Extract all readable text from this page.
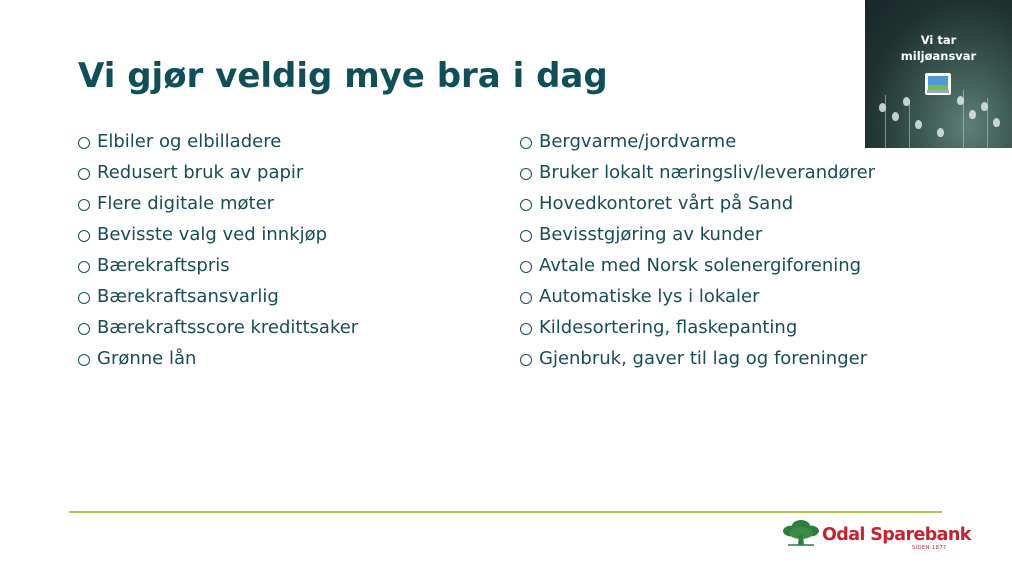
Vi gjør veldig mye bra i dag
Elbiler og elbilladere
Redusert bruk av papir
Flere digitale møter
Bevisste valg ved innkjøp
Bærekraftspris
Bærekraftsansvarlig
Bærekraftsscore kredittsaker
Grønne lån
Bergvarme/jordvarme
Bruker lokalt næringsliv/leverandører
Hovedkontoret vårt på Sand
Bevisstgjøring av kunder
Avtale med Norsk solenergiforening
Automatiske lys i lokaler
Kildesortering, flaskepanting
Gjenbruk, gaver til lag og foreninger
Vi tar
miljøansvar
Odal Sparebank
SIDEN 1877
